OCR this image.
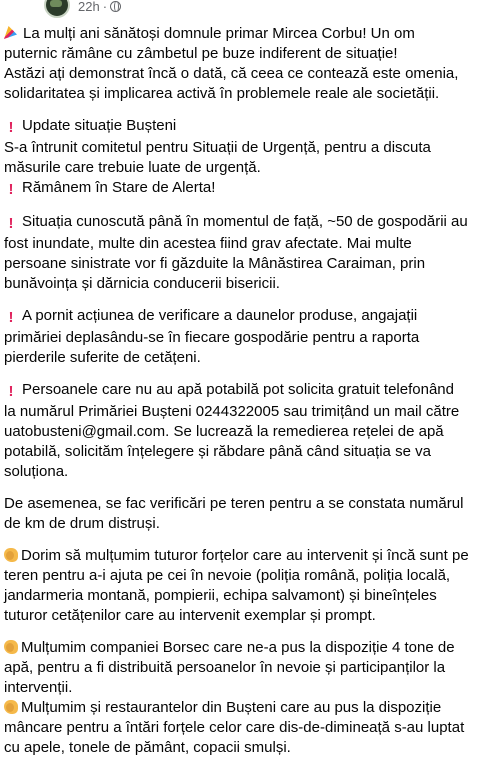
22h ·
La mulți ani sănătoși domnule primar Mircea Corbu! Un om
puternic rămâne cu zâmbetul pe buze indiferent de situație!
Astăzi ați demonstrat încă o dată, că ceea ce contează este omenia,
solidaritatea și implicarea activă în problemele reale ale societății.
! Update situație Bușteni
S-a întrunit comitetul pentru Situații de Urgență, pentru a discuta
măsurile care trebuie luate de urgență.
! Rămânem în Stare de Alerta!
! Situația cunoscută până în momentul de față, ~50 de gospodării au
fost inundate, multe din acestea fiind grav afectate. Mai multe
persoane sinistrate vor fi găzduite la Mânăstirea Caraiman, prin
bunăvoința și dărnicia conducerii bisericii.
! A pornit acțiunea de verificare a daunelor produse, angajații
primăriei deplasându-se în fiecare gospodărie pentru a raporta
pierderile suferite de cetățeni.
! Persoanele care nu au apă potabilă pot solicita gratuit telefonând
la numărul Primăriei Bușteni 0244322005 sau trimițând un mail către
uatobusteni@gmail.com. Se lucrează la remedierea rețelei de apă
potabilă, solicităm înțelegere și răbdare până când situația se va
soluționa.
De asemenea, se fac verificări pe teren pentru a se constata numărul
de km de drum distruși.
Dorim să mulțumim tuturor forțelor care au intervenit și încă sunt pe
teren pentru a-i ajuta pe cei în nevoie (poliția română, poliția locală,
jandarmeria montană, pompierii, echipa salvamont) și bineînțeles
tuturor cetățenilor care au intervenit exemplar și prompt.
Mulțumim companiei Borsec care ne-a pus la dispoziție 4 tone de
apă, pentru a fi distribuită persoanelor în nevoie și participanților la
intervenții.
Mulțumim și restaurantelor din Bușteni care au pus la dispoziție
mâncare pentru a întări forțele celor care dis-de-dimineață s-au luptat
cu apele, tonele de pământ, copacii smulși.
